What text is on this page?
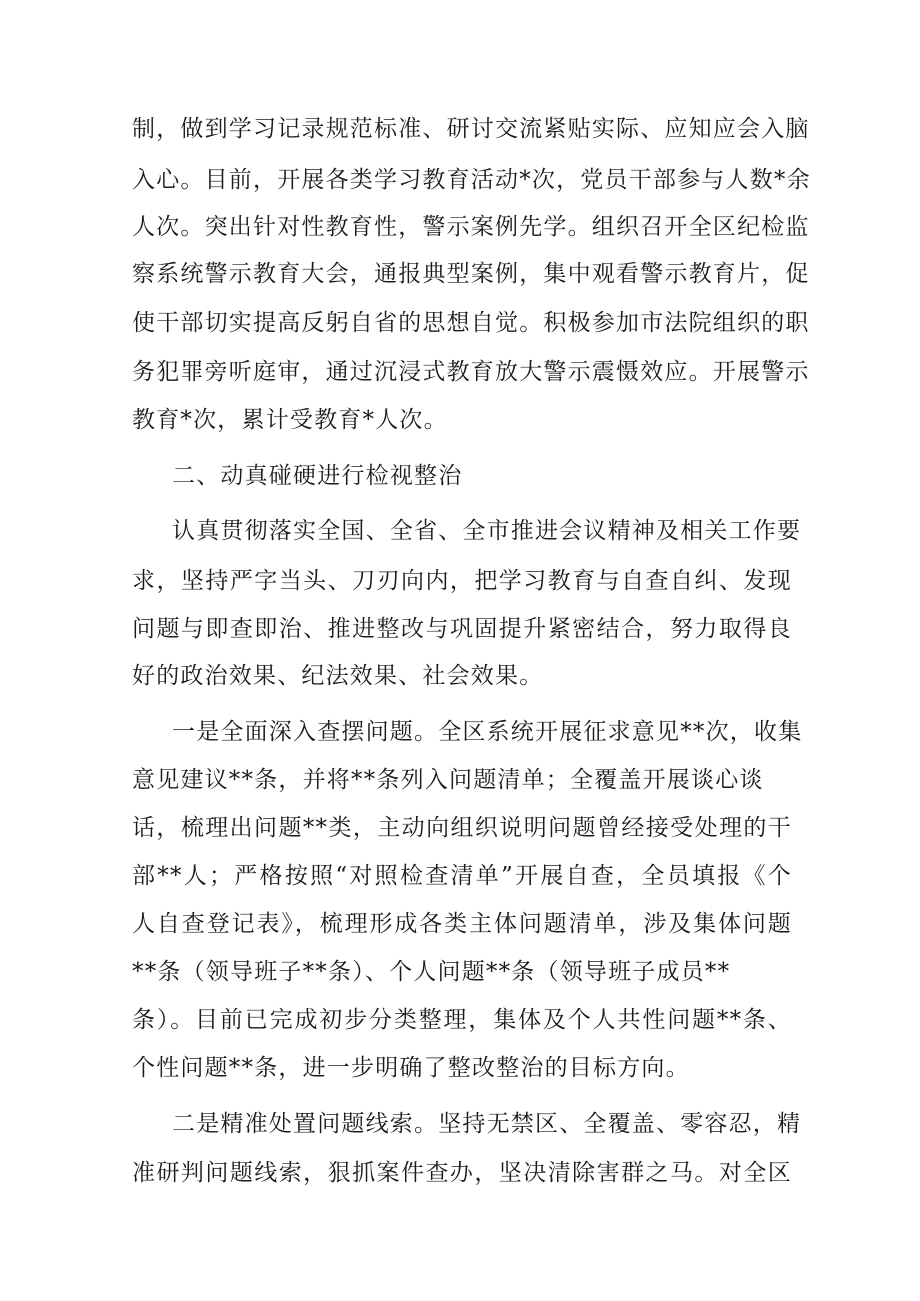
制，做到学习记录规范标准、研讨交流紧贴实际、应知应会入脑

入心。目前，开展各类学习教育活动*次，党员干部参与人数*余

人次。突出针对性教育性，警示案例先学。组织召开全区纪检监

察系统警示教育大会，通报典型案例，集中观看警示教育片，促

使干部切实提高反躬自省的思想自觉。积极参加市法院组织的职

务犯罪旁听庭审，通过沉浸式教育放大警示震慑效应。开展警示

教育*次，累计受教育*人次。

二、动真碰硬进行检视整治

认真贯彻落实全国、全省、全市推进会议精神及相关工作要

求，坚持严字当头、刀刃向内，把学习教育与自查自纠、发现

问题与即查即治、推进整改与巩固提升紧密结合，努力取得良

好的政治效果、纪法效果、社会效果。

一是全面深入查摆问题。全区系统开展征求意见**次，收集

意见建议**条，并将**条列入问题清单；全覆盖开展谈心谈

话，梳理出问题**类，主动向组织说明问题曾经接受处理的干

部**人；严格按照“对照检查清单”开展自查，全员填报《个

人自查登记表》，梳理形成各类主体问题清单，涉及集体问题

**条（领导班子**条）、个人问题**条（领导班子成员**

条）。目前已完成初步分类整理，集体及个人共性问题**条、

个性问题**条，进一步明确了整改整治的目标方向。

二是精准处置问题线索。坚持无禁区、全覆盖、零容忍，精

准研判问题线索，狠抓案件查办，坚决清除害群之马。对全区
